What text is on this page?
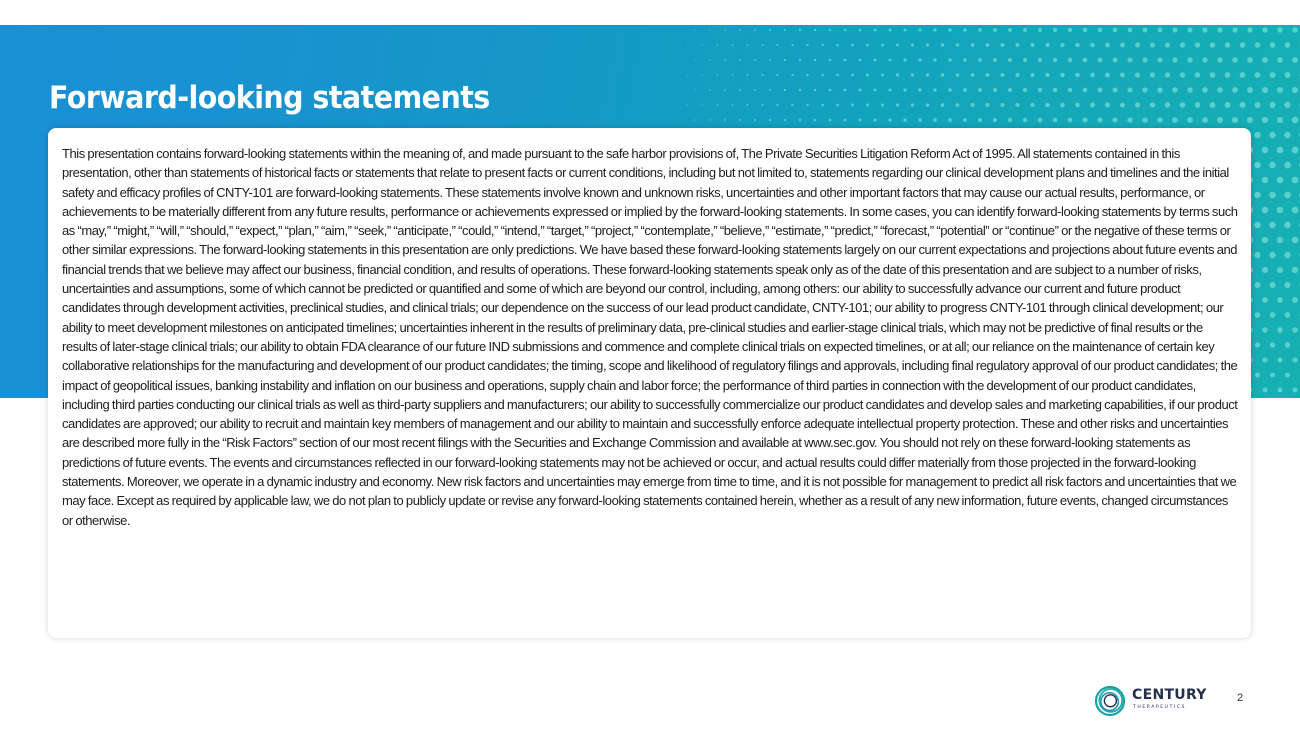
Forward-looking statements

This presentation contains forward-looking statements within the meaning of, and made pursuant to the safe harbor provisions of, The Private Securities Litigation Reform Act of 1995. All statements contained in this presentation, other than statements of historical facts or statements that relate to present facts or current conditions, including but not limited to, statements regarding our clinical development plans and timelines and the initial safety and efficacy profiles of CNTY-101 are forward-looking statements. These statements involve known and unknown risks, uncertainties and other important factors that may cause our actual results, performance, or achievements to be materially different from any future results, performance or achievements expressed or implied by the forward-looking statements. In some cases, you can identify forward-looking statements by terms such as “may,” “might,” “will,” “should,” “expect,” “plan,” “aim,” “seek,” “anticipate,” “could,” “intend,” “target,” “project,” “contemplate,” “believe,” “estimate,” “predict,” “forecast,” “potential” or “continue” or the negative of these terms or other similar expressions. The forward-looking statements in this presentation are only predictions. We have based these forward-looking statements largely on our current expectations and projections about future events and financial trends that we believe may affect our business, financial condition, and results of operations. These forward-looking statements speak only as of the date of this presentation and are subject to a number of risks, uncertainties and assumptions, some of which cannot be predicted or quantified and some of which are beyond our control, including, among others: our ability to successfully advance our current and future product candidates through development activities, preclinical studies, and clinical trials; our dependence on the success of our lead product candidate, CNTY-101; our ability to progress CNTY-101 through clinical development; our ability to meet development milestones on anticipated timelines; uncertainties inherent in the results of preliminary data, pre-clinical studies and earlier-stage clinical trials, which may not be predictive of final results or the results of later-stage clinical trials; our ability to obtain FDA clearance of our future IND submissions and commence and complete clinical trials on expected timelines, or at all; our reliance on the maintenance of certain key collaborative relationships for the manufacturing and development of our product candidates; the timing, scope and likelihood of regulatory filings and approvals, including final regulatory approval of our product candidates; the impact of geopolitical issues, banking instability and inflation on our business and operations, supply chain and labor force; the performance of third parties in connection with the development of our product candidates, including third parties conducting our clinical trials as well as third-party suppliers and manufacturers; our ability to successfully commercialize our product candidates and develop sales and marketing capabilities, if our product candidates are approved; our ability to recruit and maintain key members of management and our ability to maintain and successfully enforce adequate intellectual property protection. These and other risks and uncertainties are described more fully in the “Risk Factors” section of our most recent filings with the Securities and Exchange Commission and available at www.sec.gov. You should not rely on these forward-looking statements as predictions of future events. The events and circumstances reflected in our forward-looking statements may not be achieved or occur, and actual results could differ materially from those projected in the forward-looking statements. Moreover, we operate in a dynamic industry and economy. New risk factors and uncertainties may emerge from time to time, and it is not possible for management to predict all risk factors and uncertainties that we may face. Except as required by applicable law, we do not plan to publicly update or revise any forward-looking statements contained herein, whether as a result of any new information, future events, changed circumstances or otherwise.

CENTURY
THERAPEUTICS
2
